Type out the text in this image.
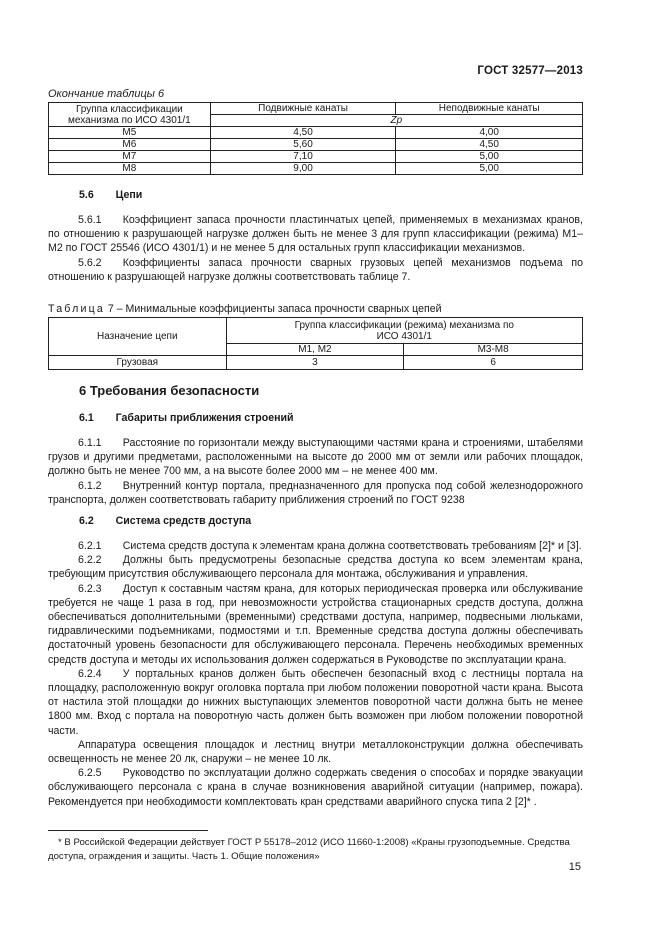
ГОСТ 32577—2013
Окончание таблицы 6
Группа классификации механизма по ИСО 4301/1	Подвижные канаты	Неподвижные канаты
	Zp	
M5	4,50	4,00
M6	5,60	4,50
M7	7,10	5,00
M8	9,00	5,00
5.6 Цепи

5.6.1  Коэффициент запаса прочности пластинчатых цепей, применяемых в механизмах кранов, по отношению к разрушающей нагрузке должен быть не менее 3 для групп классификации (режима) M1–M2 по ГОСТ 25546 (ИСО 4301/1) и не менее 5 для остальных групп классификации механизмов.

5.6.2  Коэффициенты запаса прочности сварных грузовых цепей механизмов подъема по отношению к разрушающей нагрузке должны соответствовать таблице 7.

Таблица 7 – Минимальные коэффициенты запаса прочности сварных цепей
Назначение цепи	Группа классификации (режима) механизма по ИСО 4301/1	
	M1, M2	M3-M8
Грузовая	3	6
6 Требования безопасности
6.1 Габариты приближения строений

6.1.1  Расстояние по горизонтали между выступающими частями крана и строениями, штабелями грузов и другими предметами, расположенными на высоте до 2000 мм от земли или рабочих площадок, должно быть не менее 700 мм, а на высоте более 2000 мм – не менее 400 мм.

6.1.2  Внутренний контур портала, предназначенного для пропуска под собой железнодорожного транспорта, должен соответствовать габариту приближения строений по ГОСТ 9238

6.2 Система средств доступа

6.2.1  Система средств доступа к элементам крана должна соответствовать требованиям [2]* и [3].

6.2.2  Должны быть предусмотрены безопасные средства доступа ко всем элементам крана, требующим присутствия обслуживающего персонала для монтажа, обслуживания и управления.

6.2.3  Доступ к составным частям крана, для которых периодическая проверка или обслуживание требуется не чаще 1 раза в год, при невозможности устройства стационарных средств доступа, должна обеспечиваться дополнительными (временными) средствами доступа, например, подвесными люльками, гидравлическими подъемниками, подмостями и т.п. Временные средства доступа должны обеспечивать достаточный уровень безопасности для обслуживающего персонала. Перечень необходимых временных средств доступа и методы их использования должен содержаться в Руководстве по эксплуатации крана.

6.2.4  У портальных кранов должен быть обеспечен безопасный вход с лестницы портала на площадку, расположенную вокруг оголовка портала при любом положении поворотной части крана. Высота от настила этой площадки до нижних выступающих элементов поворотной части должна быть не менее 1800 мм. Вход с портала на поворотную часть должен быть возможен при любом положении поворотной части.

Аппаратура освещения площадок и лестниц внутри металлоконструкции должна обеспечивать освещенность не менее 20 лк, снаружи – не менее 10 лк.

6.2.5  Руководство по эксплуатации должно содержать сведения о способах и порядке эвакуации обслуживающего персонала с крана в случае возникновения аварийной ситуации (например, пожара). Рекомендуется при необходимости комплектовать кран средствами аварийного спуска типа 2 [2]* .

* В Российской Федерации действует ГОСТ Р 55178–2012 (ИСО 11660-1:2008) «Краны грузоподъемные. Средства доступа, ограждения и защиты. Часть 1. Общие положения»

15
